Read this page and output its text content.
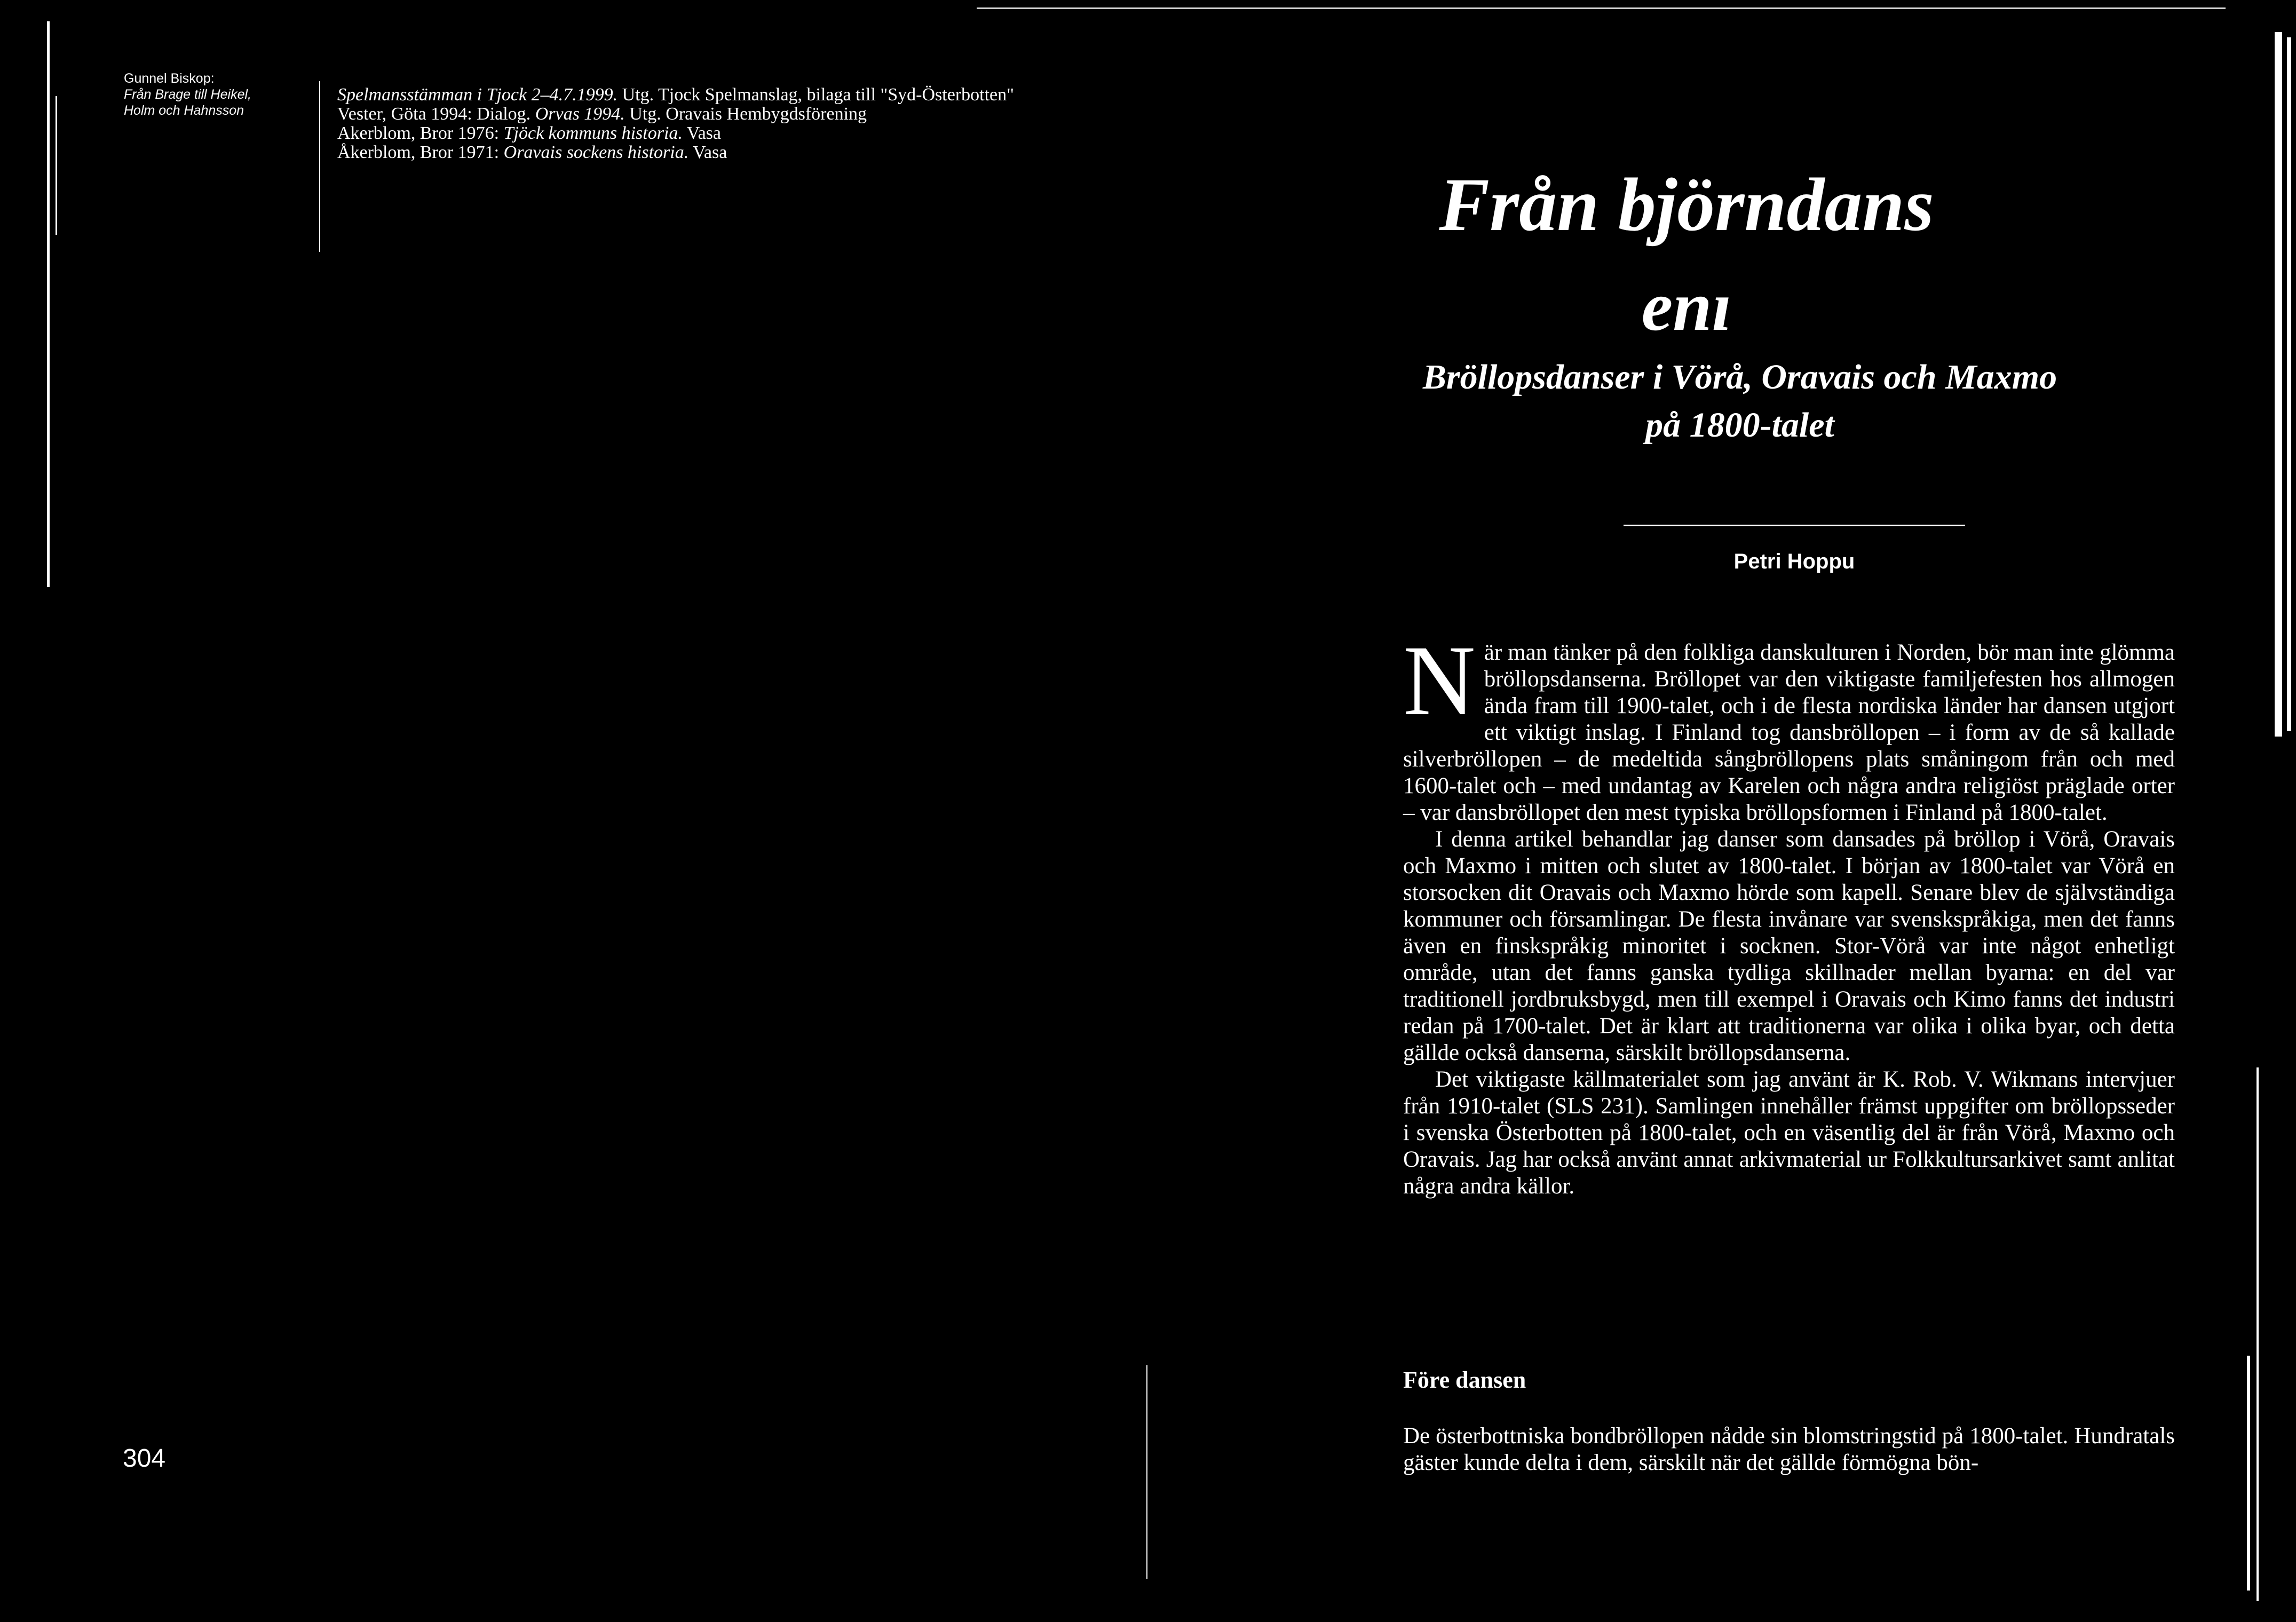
Gunnel Biskop:
Från Brage till Heikel,
Holm och Hahnsson
Spelmansstämman i Tjock 2–4.7.1999. Utg. Tjock Spelmanslag, bilaga till "Syd-Österbotten"
Vester, Göta 1994: Dialog. Orvas 1994. Utg. Oravais Hembygdsförening
Akerblom, Bror 1976: Tjöck kommuns historia. Vasa
Åkerblom, Bror 1971: Oravais sockens historia. Vasa
304
Från björndans
enı
Bröllopsdanser i Vörå, Oravais och Maxmo
på 1800-talet
Petri Hoppu

När man tänker på den folkliga danskulturen i Norden, bör man inte glömma bröllopsdanserna. Bröllopet var den viktigaste familjefesten hos allmogen ända fram till 1900-talet, och i de flesta nordiska länder har dansen utgjort ett viktigt inslag. I Finland tog dansbröllopen – i form av de så kallade silverbröllopen – de medeltida sångbröllopens plats småningom från och med 1600-talet och – med undantag av Karelen och några andra religiöst präglade orter – var dansbröllopet den mest typiska bröllopsformen i Finland på 1800-talet.

I denna artikel behandlar jag danser som dansades på bröllop i Vörå, Oravais och Maxmo i mitten och slutet av 1800-talet. I början av 1800-talet var Vörå en storsocken dit Oravais och Maxmo hörde som kapell. Senare blev de självständiga kommuner och församlingar. De flesta invånare var svenskspråkiga, men det fanns även en finskspråkig minoritet i socknen. Stor-Vörå var inte något enhetligt område, utan det fanns ganska tydliga skillnader mellan byarna: en del var traditionell jordbruksbygd, men till exempel i Oravais och Kimo fanns det industri redan på 1700-talet. Det är klart att traditionerna var olika i olika byar, och detta gällde också danserna, särskilt bröllopsdanserna.

Det viktigaste källmaterialet som jag använt är K. Rob. V. Wikmans intervjuer från 1910-talet (SLS 231). Samlingen innehåller främst uppgifter om bröllopsseder i svenska Österbotten på 1800-talet, och en väsentlig del är från Vörå, Maxmo och Oravais. Jag har också använt annat arkivmaterial ur Folkkultursarkivet samt anlitat några andra källor.

Före dansen

De österbottniska bondbröllopen nådde sin blomstringstid på 1800-talet. Hundratals gäster kunde delta i dem, särskilt när det gällde förmögna bön-
